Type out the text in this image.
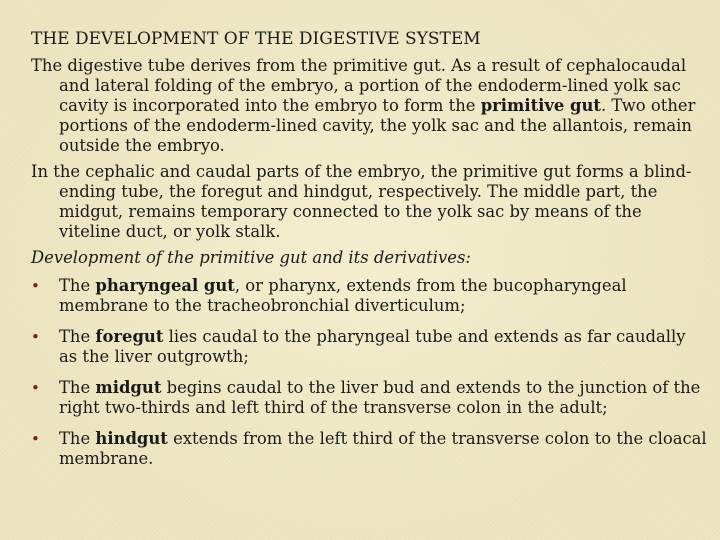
THE DEVELOPMENT OF THE DIGESTIVE SYSTEM

The digestive tube derives from the primitive gut. As a result of cephalocaudal and lateral folding of the embryo, a portion of the endoderm-lined yolk sac cavity is incorporated into the embryo to form the primitive gut. Two other portions of the endoderm-lined cavity, the yolk sac and the allantois, remain outside the embryo.

In the cephalic and caudal parts of the embryo, the primitive gut forms a blind-ending tube, the foregut and hindgut, respectively. The middle part, the midgut, remains temporary connected to the yolk sac by means of the viteline duct, or yolk stalk.

Development of the primitive gut and its derivatives:
•	The pharyngeal gut, or pharynx, extends from the bucopharyngeal membrane to the tracheobronchial diverticulum;
•	The foregut lies caudal to the pharyngeal tube and extends as far caudally as the liver outgrowth;
•	The midgut begins caudal to the liver bud and extends to the junction of the right two-thirds and left third of the transverse colon in the adult;
•	The hindgut extends from the left third of the transverse colon to the cloacal membrane.
